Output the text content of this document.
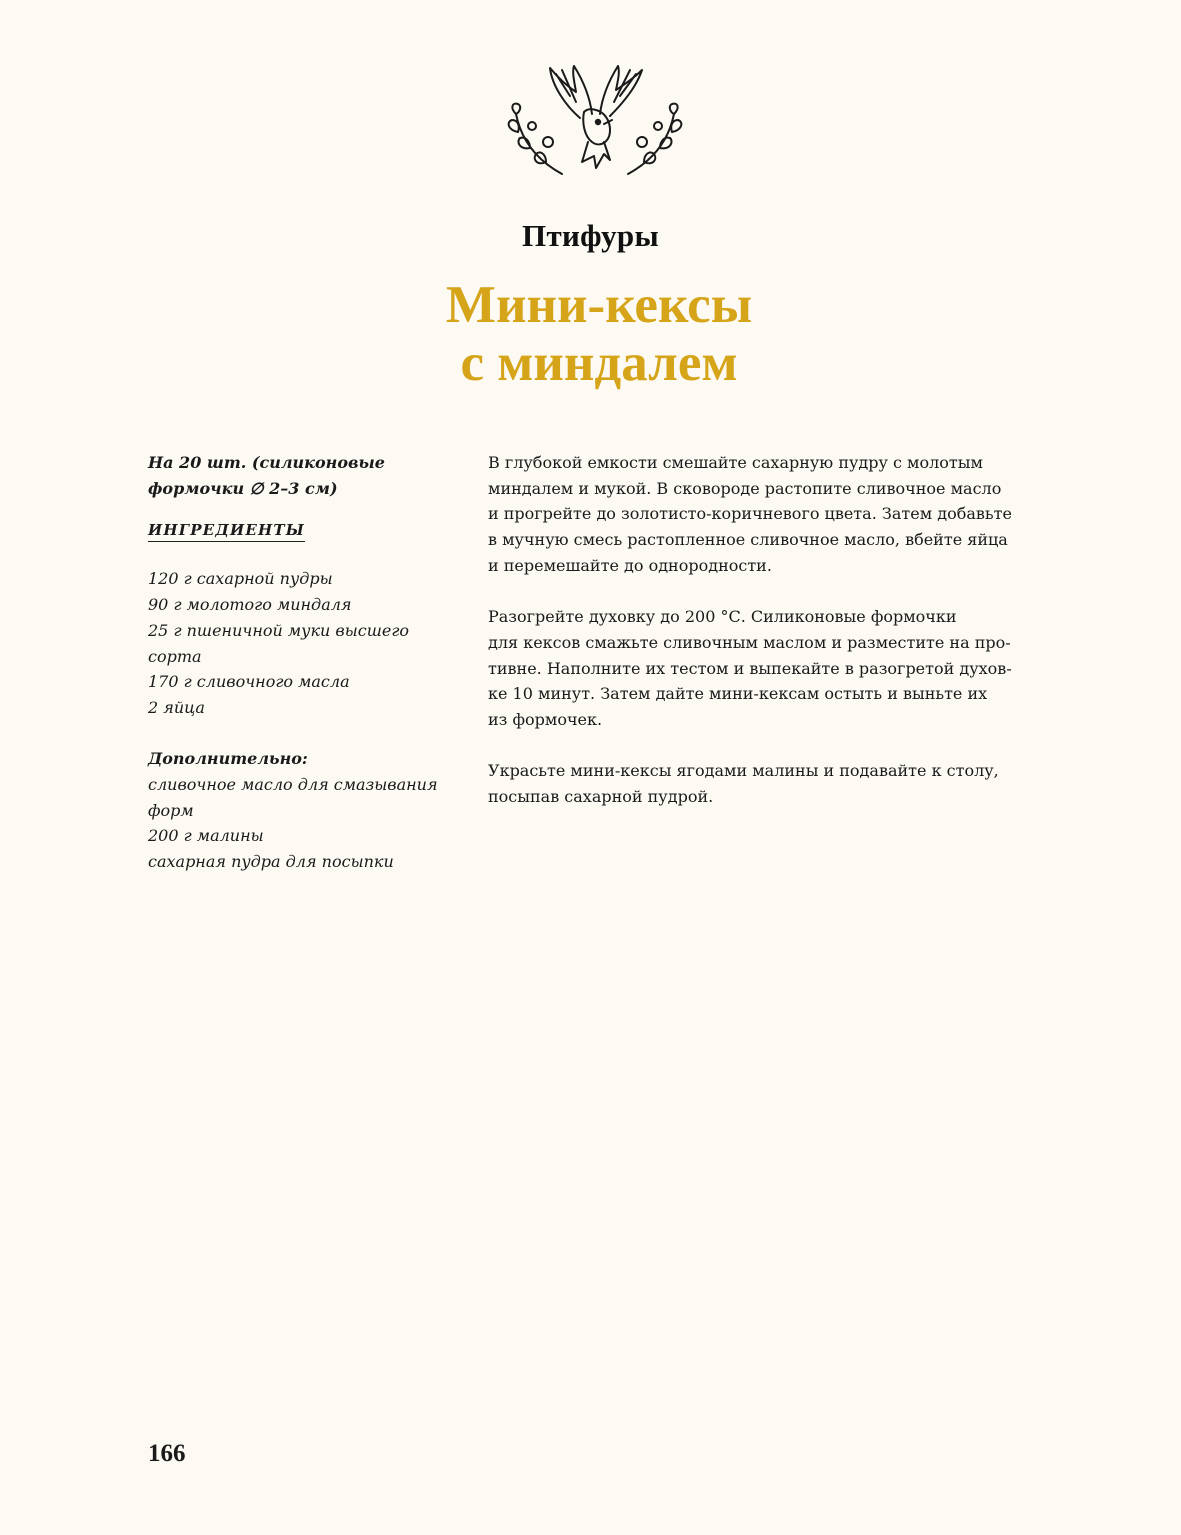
Птифуры
Мини-кексы
с миндалем
На 20 шт. (силиконовые
формочки ∅ 2–3 см)
ИНГРЕДИЕНТЫ
120 г сахарной пудры
90 г молотого миндаля
25 г пшеничной муки высшего
сорта
170 г сливочного масла
2 яйца
Дополнительно:
сливочное масло для смазывания
форм
200 г малины
сахарная пудра для посыпки
В глубокой емкости смешайте сахарную пудру с молотым
миндалем и мукой. В сковороде растопите сливочное масло
и прогрейте до золотисто-коричневого цвета. Затем добавьте
в мучную смесь растопленное сливочное масло, вбейте яйца
и перемешайте до однородности.
Разогрейте духовку до 200 °С. Силиконовые формочки
для кексов смажьте сливочным маслом и разместите на про-
тивне. Наполните их тестом и выпекайте в разогретой духов-
ке 10 минут. Затем дайте мини-кексам остыть и выньте их
из формочек.
Украсьте мини-кексы ягодами малины и подавайте к столу,
посыпав сахарной пудрой.
166
